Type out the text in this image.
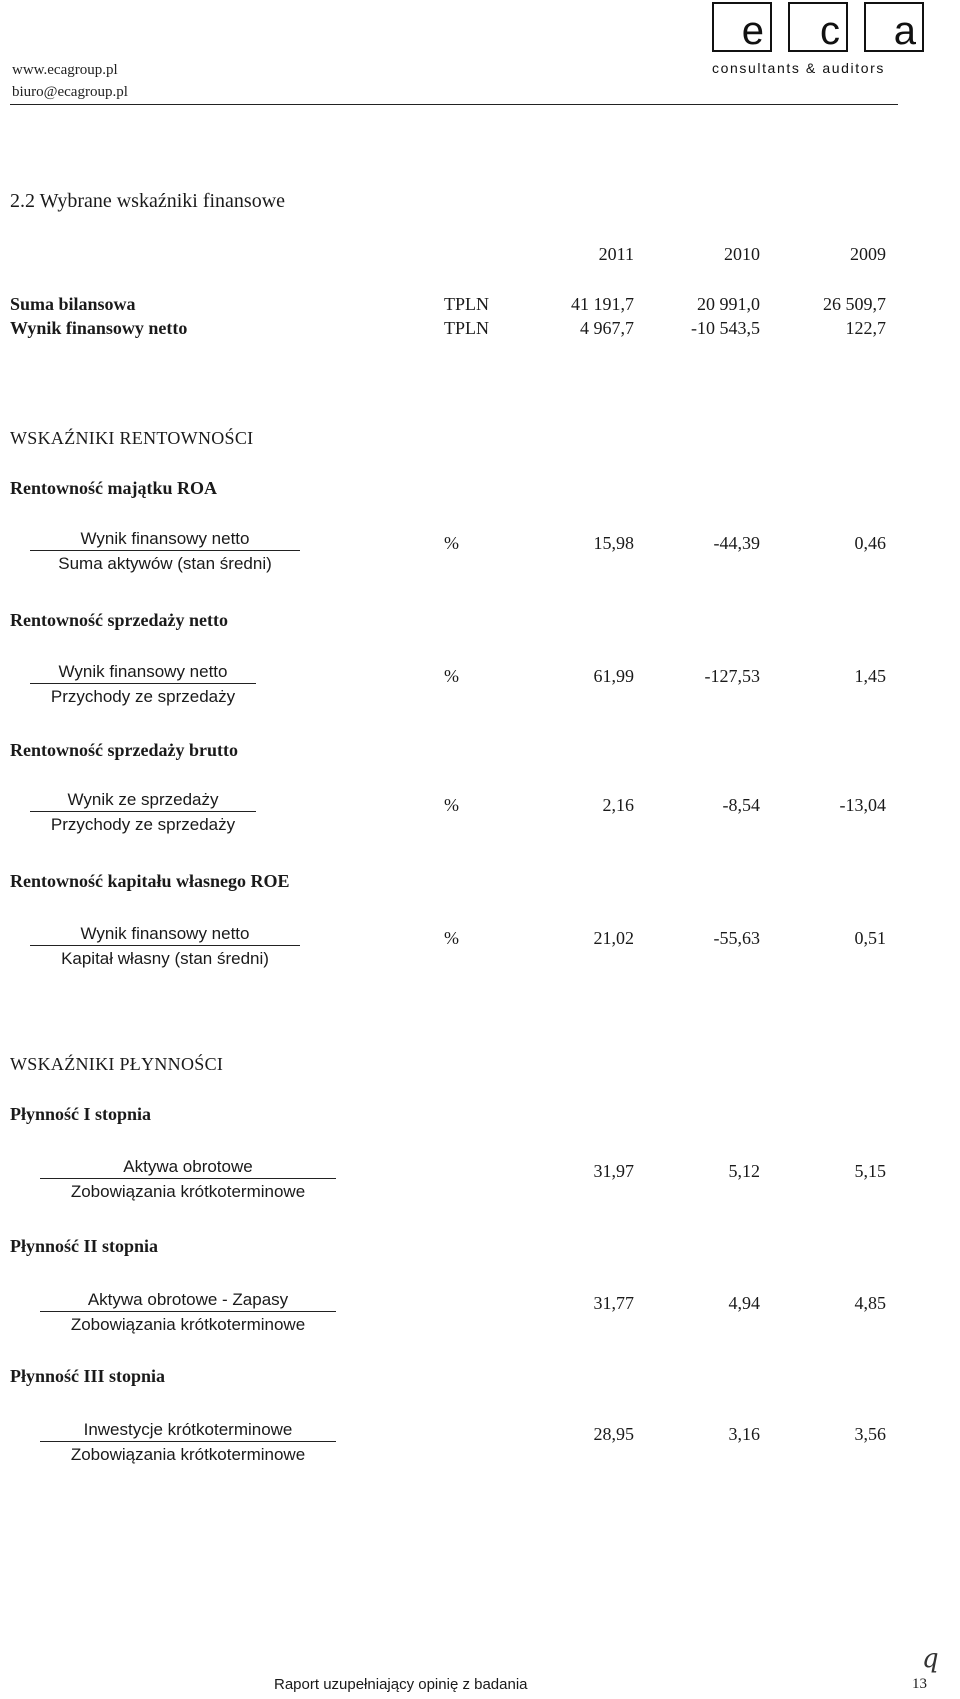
www.ecagroup.pl
biuro@ecagroup.pl
e	c	a
consultants & auditors
2.2 Wybrane wskaźniki finansowe
2011	2010	2009
Suma bilansowa	TPLN	41 191,7	20 991,0	26 509,7
Wynik finansowy netto	TPLN	4 967,7	-10 543,5	122,7
WSKAŹNIKI RENTOWNOŚCI
Rentowność majątku ROA
Wynik finansowy netto
Suma aktywów (stan średni)
%	15,98	-44,39	0,46
Rentowność sprzedaży netto
Wynik finansowy netto
Przychody ze sprzedaży
%	61,99	-127,53	1,45
Rentowność sprzedaży brutto
Wynik ze sprzedaży
Przychody ze sprzedaży
%	2,16	-8,54	-13,04
Rentowność kapitału własnego ROE
Wynik finansowy netto
Kapitał własny (stan średni)
%	21,02	-55,63	0,51
WSKAŹNIKI PŁYNNOŚCI
Płynność I stopnia
Aktywa obrotowe
Zobowiązania krótkoterminowe
31,97	5,12	5,15
Płynność II stopnia
Aktywa obrotowe - Zapasy
Zobowiązania krótkoterminowe
31,77	4,94	4,85
Płynność III stopnia
Inwestycje krótkoterminowe
Zobowiązania krótkoterminowe
28,95	3,16	3,56
q
Raport uzupełniający opinię z badania	13
